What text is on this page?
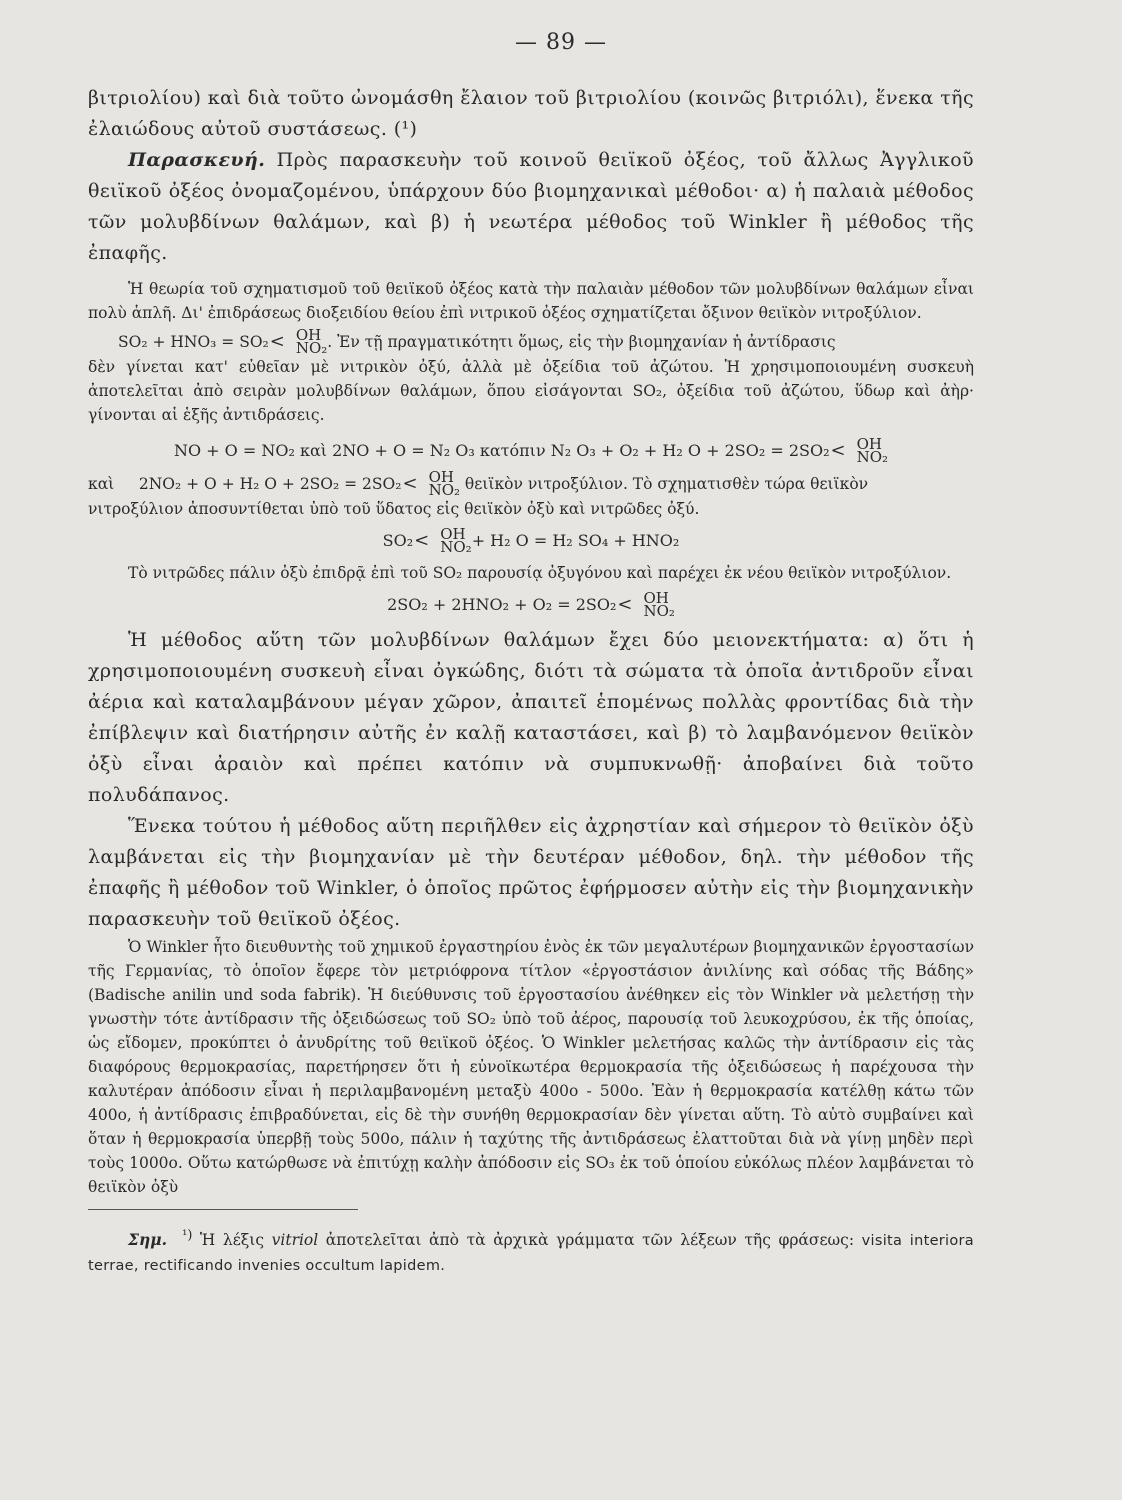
— 89 —

βιτριολίου) καὶ διὰ τοῦτο ὠνομάσθη ἔλαιον τοῦ βιτριολίου (κοινῶς βιτριόλι), ἕνεκα τῆς ἐλαιώδους αὐτοῦ συστάσεως. (¹)

Παρασκευή. Πρὸς παρασκευὴν τοῦ κοινοῦ θειϊκοῦ ὀξέος, τοῦ ἄλλως Ἀγγλικοῦ θειϊκοῦ ὀξέος ὀνομαζομένου, ὑπάρχουν δύο βιομηχανικαὶ μέθοδοι· α) ἡ παλαιὰ μέθοδος τῶν μολυβδίνων θαλάμων, καὶ β) ἡ νεωτέρα μέθοδος τοῦ Winkler ἢ μέθοδος τῆς ἐπαφῆς.

Ἡ θεωρία τοῦ σχηματισμοῦ τοῦ θειϊκοῦ ὀξέος κατὰ τὴν παλαιὰν μέθοδον τῶν μολυβδίνων θαλάμων εἶναι πολὺ ἁπλῆ. Δι' ἐπιδράσεως διοξειδίου θείου ἐπὶ νιτρικοῦ ὀξέος σχηματίζεται ὄξινον θειϊκὸν νιτροξύλιον.

SO₂ + HNO₃ = SO₂ < OH
NO₂ . Ἐν τῇ πραγματικότητι ὅμως, εἰς τὴν βιομηχανίαν ἡ ἀντίδρασις

δὲν γίνεται κατ' εὐθεῖαν μὲ νιτρικὸν ὀξύ, ἀλλὰ μὲ ὀξείδια τοῦ ἀζώτου. Ἡ χρησιμοποιουμένη συσκευὴ ἀποτελεῖται ἀπὸ σειρὰν μολυβδίνων θαλάμων, ὅπου εἰσάγονται SO₂, ὀξείδια τοῦ ἀζώτου, ὕδωρ καὶ ἀὴρ· γίνονται αἱ ἑξῆς ἀντιδράσεις.

NO + O = NO₂ καὶ 2NO + O = N₂ O₃ κατόπιν N₂ O₃ + O₂ + H₂ O + 2SO₂ = 2SO₂ < OH
NO₂

καὶ 2NO₂ + O + H₂ O + 2SO₂ = 2SO₂ < OH
NO₂ θειϊκὸν νιτροξύλιον. Τὸ σχηματισθὲν τώρα θειϊκὸν

νιτροξύλιον ἀποσυντίθεται ὑπὸ τοῦ ὕδατος εἰς θειϊκὸν ὀξὺ καὶ νιτρῶδες ὀξύ.

SO₂ < OH
NO₂ + H₂ O = H₂ SO₄ + HNO₂

Τὸ νιτρῶδες πάλιν ὀξὺ ἐπιδρᾷ ἐπὶ τοῦ SO₂ παρουσίᾳ ὀξυγόνου καὶ παρέχει ἐκ νέου θειϊκὸν νιτροξύλιον.

2SO₂ + 2HNO₂ + O₂ = 2SO₂ < OH
NO₂

Ἡ μέθοδος αὕτη τῶν μολυβδίνων θαλάμων ἔχει δύο μειονεκτήματα: α) ὅτι ἡ χρησιμοποιουμένη συσκευὴ εἶναι ὀγκώδης, διότι τὰ σώματα τὰ ὁποῖα ἀντιδροῦν εἶναι ἀέρια καὶ καταλαμβάνουν μέγαν χῶρον, ἀπαιτεῖ ἑπομένως πολλὰς φροντίδας διὰ τὴν ἐπίβλεψιν καὶ διατήρησιν αὐτῆς ἐν καλῇ καταστάσει, καὶ β) τὸ λαμβανόμενον θειϊκὸν ὀξὺ εἶναι ἀραιὸν καὶ πρέπει κατόπιν νὰ συμπυκνωθῇ· ἀποβαίνει διὰ τοῦτο πολυδάπανος.

Ἕνεκα τούτου ἡ μέθοδος αὕτη περιῆλθεν εἰς ἀχρηστίαν καὶ σήμερον τὸ θειϊκὸν ὀξὺ λαμβάνεται εἰς τὴν βιομηχανίαν μὲ τὴν δευτέραν μέθοδον, δηλ. τὴν μέθοδον τῆς ἐπαφῆς ἢ μέθοδον τοῦ Winkler, ὁ ὁποῖος πρῶτος ἐφήρμοσεν αὐτὴν εἰς τὴν βιομηχανικὴν παρασκευὴν τοῦ θειϊκοῦ ὀξέος.

Ὁ Winkler ἦτο διευθυντὴς τοῦ χημικοῦ ἐργαστηρίου ἑνὸς ἐκ τῶν μεγαλυτέρων βιομηχανικῶν ἐργοστασίων τῆς Γερμανίας, τὸ ὁποῖον ἔφερε τὸν μετριόφρονα τίτλον «ἐργοστάσιον ἀνιλίνης καὶ σόδας τῆς Βάδης» (Badische anilin und soda fabrik). Ἡ διεύθυνσις τοῦ ἐργοστασίου ἀνέθηκεν εἰς τὸν Winkler νὰ μελετήσῃ τὴν γνωστὴν τότε ἀντίδρασιν τῆς ὀξειδώσεως τοῦ SO₂ ὑπὸ τοῦ ἀέρος, παρουσίᾳ τοῦ λευκοχρύσου, ἐκ τῆς ὁποίας, ὡς εἴδομεν, προκύπτει ὁ ἀνυδρίτης τοῦ θειϊκοῦ ὀξέος. Ὁ Winkler μελετήσας καλῶς τὴν ἀντίδρασιν εἰς τὰς διαφόρους θερμοκρασίας, παρετήρησεν ὅτι ἡ εὐνοϊκωτέρα θερμοκρασία τῆς ὀξειδώσεως ἡ παρέχουσα τὴν καλυτέραν ἀπόδοσιν εἶναι ἡ περιλαμβανομένη μεταξὺ 400ο - 500ο. Ἐὰν ἡ θερμοκρασία κατέλθῃ κάτω τῶν 400ο, ἡ ἀντίδρασις ἐπιβραδύνεται, εἰς δὲ τὴν συνήθη θερμοκρασίαν δὲν γίνεται αὕτη. Τὸ αὐτὸ συμβαίνει καὶ ὅταν ἡ θερμοκρασία ὑπερβῇ τοὺς 500ο, πάλιν ἡ ταχύτης τῆς ἀντιδράσεως ἐλαττοῦται διὰ νὰ γίνῃ μηδὲν περὶ τοὺς 1000ο. Οὕτω κατώρθωσε νὰ ἐπιτύχῃ καλὴν ἀπόδοσιν εἰς SO₃ ἐκ τοῦ ὁποίου εὐκόλως πλέον λαμβάνεται τὸ θειϊκὸν ὀξὺ

Σημ. $^{^1)}$ Ἡ λέξις vitriol ἀποτελεῖται ἀπὸ τὰ ἀρχικὰ γράμματα τῶν λέξεων τῆς φράσεως: visita interiora terrae, rectificando invenies occultum lapidem.
